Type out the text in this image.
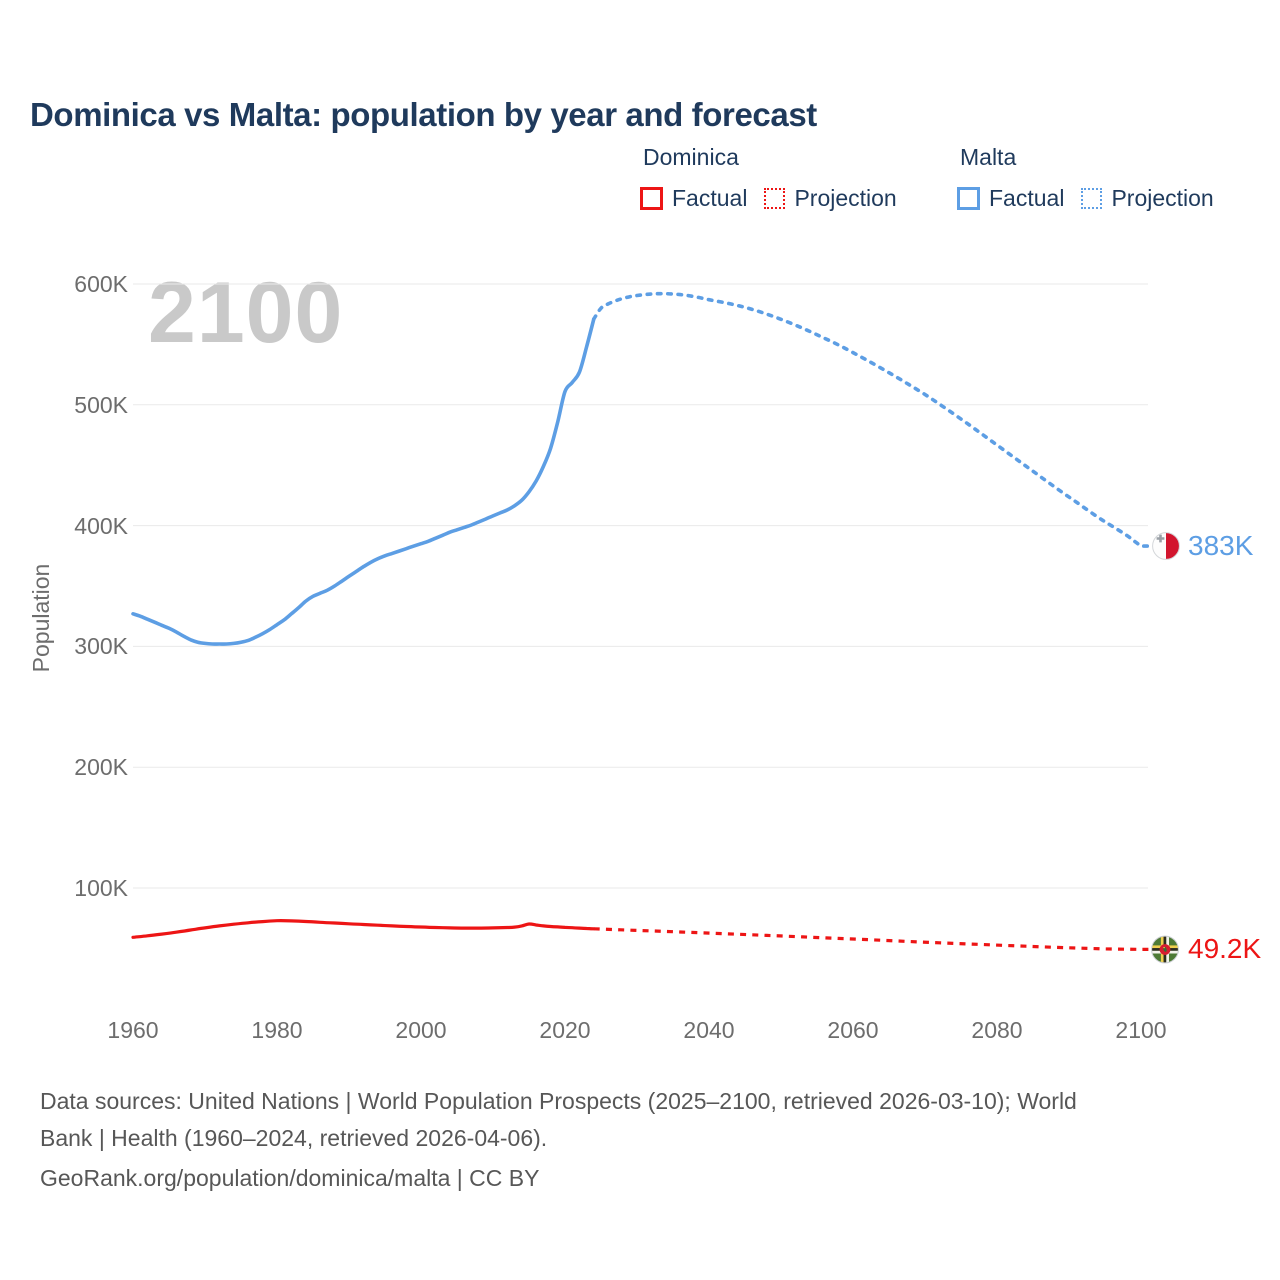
Dominica vs Malta: population by year and forecast
Dominica
Factual Projection
Malta
Factual Projection
2100
Population
100K
200K
300K
400K
500K
600K
1960	1980	2000	2020	2040	2060	2080	2100
383K
49.2K
Data sources: United Nations | World Population Prospects (2025–2100, retrieved 2026-03-10); World
Bank | Health (1960–2024, retrieved 2026-04-06).
GeoRank.org/population/dominica/malta | CC BY
